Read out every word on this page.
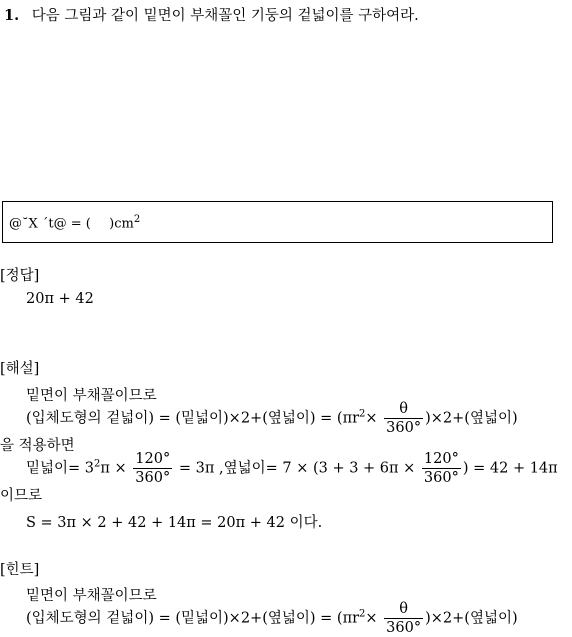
1. 다음 그림과 같이 밑면이 부채꼴인 기둥의 겉넓이를 구하여라.
@˘X ´t@ = ( )$cm^2$
[정답]
20π + 42
[해설]
밑면이 부채꼴이므로
(입체도형의 겉넓이) = (밑넓이)×2+(옆넓이) = $(\pi r^2\times \frac{\theta}{360^\circ} )\times 2+$(옆넓이)
을 적용하면
밑넓이= $3^2\pi \times \frac{120^\circ}{360^\circ} = 3\pi$ ,옆넓이= $7 \times (3 + 3 + 6\pi \times \frac{120^\circ}{360^\circ}$ ) = 42 + 14π
이므로
S = 3π × 2 + 42 + 14π = 20π + 42 이다.
[힌트]
밑면이 부채꼴이므로
(입체도형의 겉넓이) = (밑넓이)×2+(옆넓이) = $(\pi r^2\times \frac{\theta}{360^\circ} )\times 2+$(옆넓이)
